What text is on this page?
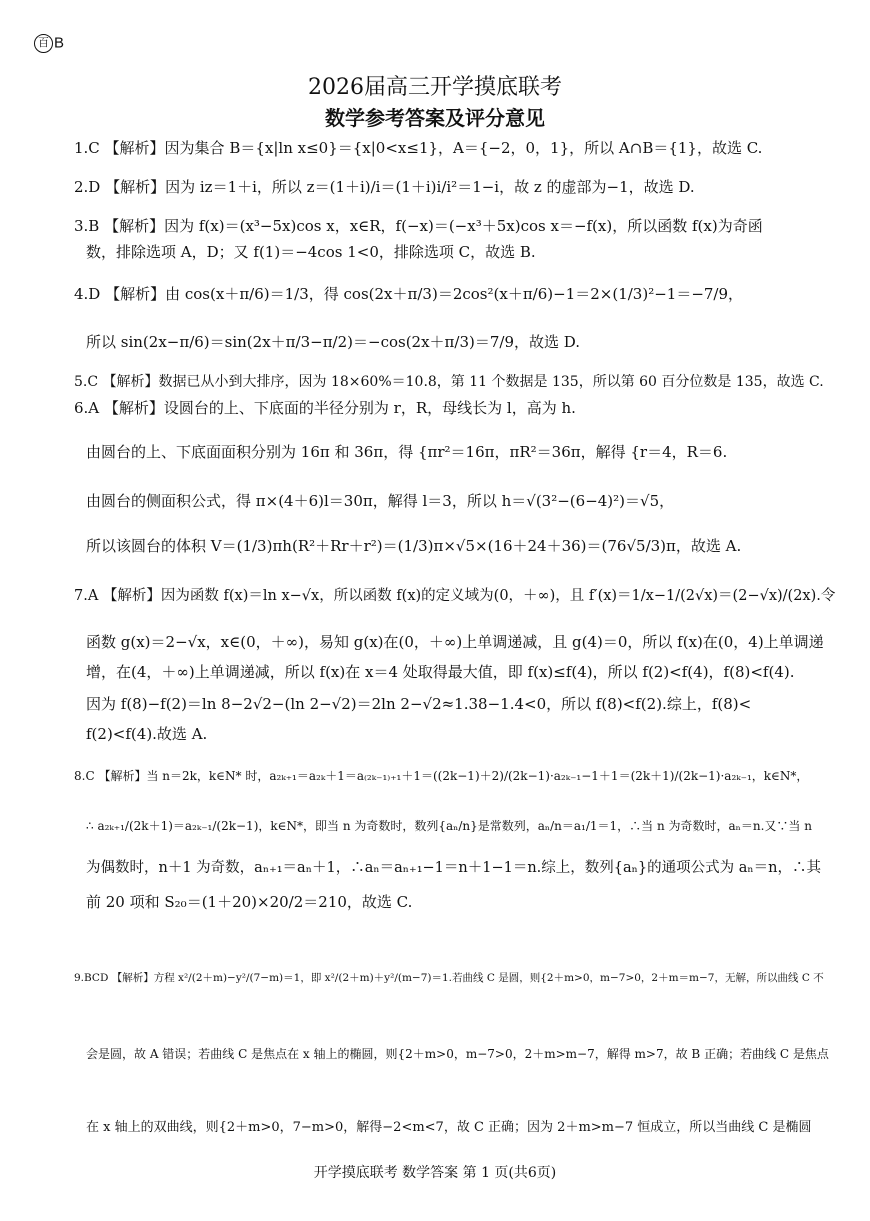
百 B
2026届高三开学摸底联考
数学参考答案及评分意见
1.C 【解析】因为集合 B＝{x|ln x≤0}＝{x|0<x≤1}，A＝{−2，0，1}，所以 A∩B＝{1}，故选 C.
2.D 【解析】因为 iz＝1＋i，所以 z＝(1＋i)/i＝(1＋i)i/i²＝1−i，故 z 的虚部为−1，故选 D.
3.B 【解析】因为 f(x)＝(x³−5x)cos x，x∈R，f(−x)＝(−x³＋5x)cos x＝−f(x)，所以函数 f(x)为奇函
数，排除选项 A，D；又 f(1)＝−4cos 1<0，排除选项 C，故选 B.
4.D 【解析】由 cos(x＋π/6)＝1/3，得 cos(2x＋π/3)＝2cos²(x＋π/6)−1＝2×(1/3)²−1＝−7/9，
所以 sin(2x−π/6)＝sin(2x＋π/3−π/2)＝−cos(2x＋π/3)＝7/9，故选 D.
5.C 【解析】数据已从小到大排序，因为 18×60%＝10.8，第 11 个数据是 135，所以第 60 百分位数是 135，故选 C.
6.A 【解析】设圆台的上、下底面的半径分别为 r，R，母线长为 l，高为 h.
由圆台的上、下底面面积分别为 16π 和 36π，得 {πr²＝16π，πR²＝36π，解得 {r＝4，R＝6.
由圆台的侧面积公式，得 π×(4＋6)l＝30π，解得 l＝3，所以 h＝√(3²−(6−4)²)＝√5，
所以该圆台的体积 V＝(1/3)πh(R²＋Rr＋r²)＝(1/3)π×√5×(16＋24＋36)＝(76√5/3)π，故选 A.
7.A 【解析】因为函数 f(x)＝ln x−√x，所以函数 f(x)的定义域为(0，＋∞)，且 f′(x)＝1/x−1/(2√x)＝(2−√x)/(2x).令
函数 g(x)＝2−√x，x∈(0，＋∞)，易知 g(x)在(0，＋∞)上单调递减，且 g(4)＝0，所以 f(x)在(0，4)上单调递
增，在(4，＋∞)上单调递减，所以 f(x)在 x＝4 处取得最大值，即 f(x)≤f(4)，所以 f(2)<f(4)，f(8)<f(4).
因为 f(8)−f(2)＝ln 8−2√2−(ln 2−√2)＝2ln 2−√2≈1.38−1.4<0，所以 f(8)<f(2).综上，f(8)<
f(2)<f(4).故选 A.
8.C 【解析】当 n＝2k，k∈N* 时，a₂ₖ₊₁＝a₂ₖ＋1＝a₍₂ₖ₋₁₎₊₁＋1＝((2k−1)＋2)/(2k−1)·a₂ₖ₋₁−1＋1＝(2k＋1)/(2k−1)·a₂ₖ₋₁，k∈N*，
∴ a₂ₖ₊₁/(2k＋1)＝a₂ₖ₋₁/(2k−1)，k∈N*，即当 n 为奇数时，数列{aₙ/n}是常数列，aₙ/n＝a₁/1＝1，∴当 n 为奇数时，aₙ＝n.又∵当 n
为偶数时，n＋1 为奇数，aₙ₊₁＝aₙ＋1，∴aₙ＝aₙ₊₁−1＝n＋1−1＝n.综上，数列{aₙ}的通项公式为 aₙ＝n，∴其
前 20 项和 S₂₀＝(1＋20)×20/2＝210，故选 C.
9.BCD 【解析】方程 x²/(2＋m)−y²/(7−m)＝1，即 x²/(2＋m)＋y²/(m−7)＝1.若曲线 C 是圆，则{2＋m>0，m−7>0，2＋m＝m−7，无解，所以曲线 C 不
会是圆，故 A 错误；若曲线 C 是焦点在 x 轴上的椭圆，则{2＋m>0，m−7>0，2＋m>m−7，解得 m>7，故 B 正确；若曲线 C 是焦点
在 x 轴上的双曲线，则{2＋m>0，7−m>0，解得−2<m<7，故 C 正确；因为 2＋m>m−7 恒成立，所以当曲线 C 是椭圆
开学摸底联考 数学答案 第 1 页(共6页)
